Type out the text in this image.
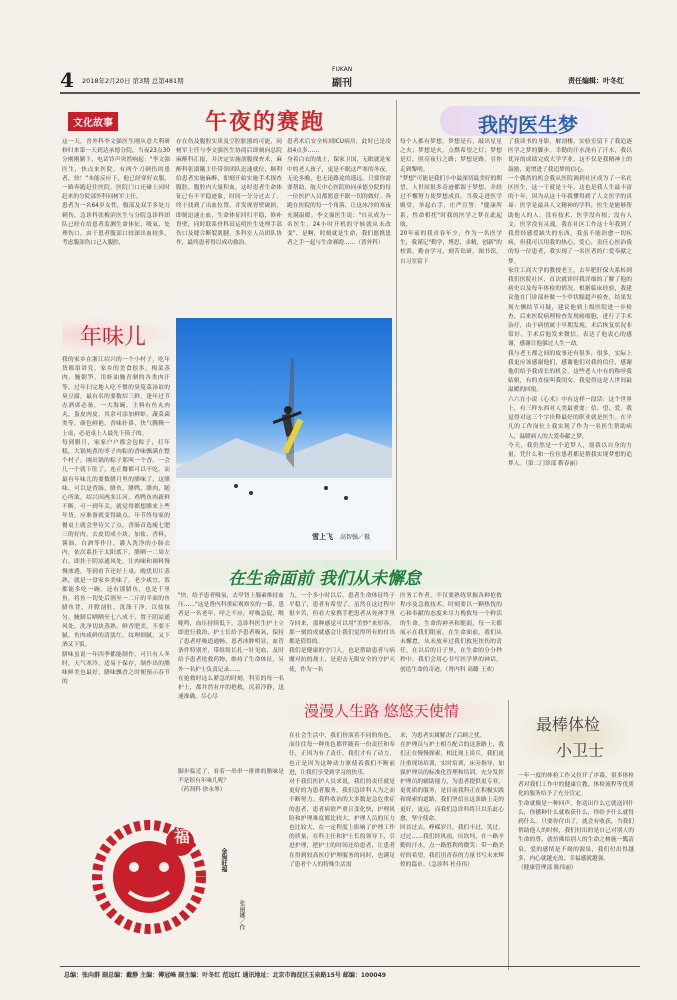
4 2018年2月20日 第3期 总第481期
FUKAN
副刊	责任编辑：叶冬红
文化故事	午夜的赛跑
这一天，晋外科李文强医生刚从意大利研修归来第一天到达承德分院。当夜23点30分刚刚躺下，电话铃声突然响起："李文强医生，快点来医院，有两个刀刺伤的患者，快！"本能反应下，他已经穿好衣服，一路奔跑赶往医院。医院门口还碰上同时赶来的分院部外科同树军主任。
患者为一名64岁女性，腹部及双手多处刀刺伤，急诊科张梅滨医生与分院急诊科团队已经在给患者监测生命体征、吸氧、处理伤口，由于患者腹部口较深出血较多，考虑腹部伤口已入腹腔，
存在伤及腹腔实质及空腔脏器的可能，同树军主任与李文强医生协商后即刻向总院麻醉科汇报，并决定实施剖腹探查术，麻醉科张淑娥主任带领团队迅速就位，顺利给患者实施麻醉，即刻开始实施手术探查腹腔。腹腔内大量积血，这时患者生命体征已有不平稳迹象，时间一分分过去了，终于找到了出血位置，并发现胃壁破损，即刻迅速止血，生命体征回归平稳，修补胃壁，同时联系骨科田运明医生处理手部伤口及缝合断裂肌腱。多科室人员团队协作，最终患者得以成功救治。
患者术后安全转到ICU病房，此时已是凌晨4点多……
身着白衣的战士，保家卫国，无眠就是家中的老人孩子，更是不眠这严寒的冬夜，无论多晚，也无论路途的遥远，只要你需要帮助，航天中心医院协同承德分院的每一位医护人员都愿意不眠一切的做好。奔跑在医院的每一个角落，让这冰冷的寒夜充满温暖。李文强医生说："自从成为一名医生，24小时开机的守候就从未改变"，是啊，时刻就是生命，我们愿携患者之手一起与生命赛跑……（普外科）
我的医生梦
每个人都有梦想，梦想是石，敲出星星之火；梦想是火，点燃希望之灯；梦想是灯，照亮夜行之路；梦想是路，引你走到黎明。
"梦想"可能是我们小中最深切最美好的期望，人世间很多奇迹都源于梦想，并经过不懈努力使梦想成真。当我走进医学殿堂，举起右手，庄严宣誓："健康所系，性命相托"时我的医学之梦在此起航。
20年前的我青春年少，作为一名医学生，我谨记"勤学，博思，求精，创新"的校训，勤奋学习、刻苦钻研，图书馆，自习室留下
了我读书的身影，解剖楼，实验室留下了我追逐医学之梦的脚步。幸勤的汗水浇有了汗水，我以优异的成绩完成大学学业，这不仅是我精神上的鼓励，更增进了我追梦的信心。
一个偶然的机会我从医院调到社区成为了一名社区医生，这一干就是十年，这也是我人生最丰富的十年，因为从这十年我懂得到了人文医学的真谛：医学是最具人文精神的学科，医生是能够帮助他人的人，没有技术，医学没有根；没有人文，医学没有灵魂。我在社区工作这十年我到了我曾经感爱缺失的东西，我虽不能治愈一切疾病，但我可以用我的热心，爱心，责任心医治我的每一位患者，我实现了一名医者的仁爱奉献之梦。
家住工商大学的教授老王，去年肥肝保夫系转到我们医院社区，首次就诊时我详细的了解了他的病史以及每年体检的情况，根据临床经验，我建议他在门诊部补做一个甲状腺超声检查，结果发现左侧结节可疑，建议他到上级医院进一步检查，后来医院病理检查发现癌细胞，进行了手术治疗，由于病情属于早期发现，术后恢复状况非常好。手术后他发来微信，表达了他衷心的感谢，感谢让他躲过人生一劫。
我与老王都之间的故事还有很多，很多，实际上我更应该感谢他们，感谢他们对我的信任，感谢他们给予我成长的机会，这些老人中有的称呼我姑娘，有的直接叫我闺女，我觉得这是人世间最温暖的回报。
六六在小说《心术》中有这样一段话：这个世界上，有三样东西对人类最重要：信、望、爱。我觉得对这三个字诠释最好的职业就是医生。在平凡的工作岗位上我实现了作为一名医生帮助病人，温暖病人的大爱奉献之梦。
今天，我仍然是一个追梦人，愿我以自身的力量，凭什么和一位位患者都是帮我实现梦想的追梦人。（第二门诊部 靳春丽）
年味儿
我的家乡在浙江绍兴的一个小村子，吃年货都很讲究。家乡的美食很多，梅菜蒸肉、腌粥笋、用虾油腌青制的各类肉汗等，过年扫完地人吃不惯的臭笕菜汤谊的臭豆腐，最有名的要数绍三鲜，逢年过节办酒席必备，一大海碗，主料有鱼丸肉丸，蛋皮肉皮，其余可添加鲜虾，蔬菜菌类等，颜色鲜艳，香味扑鼻，快气腾腾一上桌，必是桌上人最先下筷子的。
每到腊月，家家户户都会包粽子，打年糕，大锅炖煮的枣子肉粽的香味飘满在整个村子，刚出锅的粽子那叫一个香，一会儿一个就下肚了，连正餐都可以不吃。而最有年味儿的要数腊月里的腊味了，这腊味，可以是香肠，腊鱼，腊鸭，腊肉，随心所欲。绍兴因两多江河，鸡鸭鱼肉新鲜不断，可一到年关，就觉得都想腊来上些年货，应准备就变得缺点，年节终每家的餐桌上就会坚待欠了点，香肠首选瘦七肥三的好肉，去皮切成小块，加盐、香料，酱油、白酒等作汁，灌入洗净的小肠衣内，依次系挂于太阳底下，腊晒一二周左右，即挂于阴凉通风处，让肉味和调料慢慢渗透，等到看节还好上桌。晚优切片蒸熟，就是一盘家乡美味了。老少咸宜，饭都能多吃一碗。还有那腊鱼，也是千里鱼，将鱼一切处后割至一二斤的半面的鱼腊鱼背，开膛剖肚，洗涤干净，以盐抹匀。腌制后晒晒至七八成干，置于阴凉通风处，洗净切块蒸熟，鲜香肥美，不要不腻，鱼肉咸鲜的清淡红，纹理细腻，又下酒又下饭。
腊味虽说一年四季都能制作，可只有人冬时，天气寒冷，适易于保存，制作出的腊味鲜美也最好，腊味飘香之时便预示春节的
脚步临近了，看着一串串一排排的腊味是不是很有年味儿呢？
（药剂科 徐永琴）
雪上飞 高智强／摄
在生命面前 我们从未懈怠
"快，给予患者吸氧，去甲肾上腺素维持血压……"这是肾内科重症观察室的一幕，患者是一名老年，呼之不应，呼吸急促，喉咙鸣，血压持续低下，急诊科医生护士立即进行救治，护士长给予患者吸氧，保持了患者呼吸道通畅，患者冰肿明显，血管条件特别差，带组组长扎一针见血，及时给予患者抢救药物，维持了生命体征，另外一名护士负责记录……
在抢救时这么紧急的时刻，科室的每一名护士，都井然有序的抢救，沉着冷静，迅速准确，尽心尽
力，一个多小时以后，患者生命体征终于平稳了，患者有希望了，虽然在这过程中很辛苦，但看大家携手把患者从死神手里夺回来，那种感觉可以用"美妙"来形容。那一刻的成就感会让我们觉得所有的付出都是值得的。
我们是健康的守门人，也是帮助患者与病魔对抗的战士，是迎击无限安全的守护天使，作为一名
医务工作者，不仅要熟练掌握各种抢救程序及急救技术，时刻要以一颗热忱的心和奉献的态度来尽力挽救每一个鲜活的生命，生命的神圣和脆弱，每一天都展示在我们眼前，在生命面前，我们从未懈怠，从未放弃过我们救死扶伤的责任，在以后的日子里，在生命的分分秒秒中，我们会用心书写医学界的神话，创造生命的奇迹。（肾内科 高璐 王欢）
漫漫人生路 悠悠天使情
在社会生活中，我们扮演着不同的角色，而往往每一种角色都伴随着一份责任和奉任，正因为有了责任，我们才有了动力，也正是因为这种动力驱使着我们不断前进，让我们享受到学习的快乐。
对于我们医护人员来说，我们的责任就是更好的为患者服务，我们急诊科人为之而不断努力。我科收治的大多数是急危重症的患者，患者病情严重且变化快，护理风险和护理难度都比较大，护理人员的压力也比较大，在一定程度上影响了护理工作的质量，在科主任和护士长的领导下，引进护理，把护士的时间还给患者，让患者在得到较高医疗护理服务的同时，也满足了患者个人的特殊生活需
求，为患者实属解决了后顾之忧。
在护理员与护士相互配合的这条路上，我们正在慢慢探索，相比现上谈兵，我们更注重现场培训，实时培训，床旁指导，加强护理员的标准化管理和培训。充分发挥护理员的辅助能力，为患者提供更专业，更优质的服务，是目前我科正在积极实践和探索的道路，我们坚信在这条路上走的更好，更远，而我们急诊科将只以乐此心愈，坚守使命。
回首过去，峥嵘岁月，我们丰过，笑过，过过……我们经风雨，历坎坷，在一路辛勤的汗水，点一路胜利的微笑：带一路美好的希望，我们用青春的力量书写未来辉煌的篇章。（急诊科 杜佳伟）
福
金狗旺福
张丽娜／作
最棒体检
小卫士
一年一度的体检工作又拉开了序幕，很多体检者对我们工作中的健康宣教、体检流程等优质化的服务给予了充分肯定。
生命就像是一种回声，你送出什么它就送回什么，你播种什么就收获什么，你给予什么就得到什么。只要你付出了，就会有收获，当我们帮助他人的时候，我们付出的是自己对别人的生命的尊，就仿佛给别人的生命之树施一瓢清泉，爱的感情是不竭的源泉，我们付出得越多，内心就越充盈、幸福感就越强。
（健康管理部 陈伟丽）
总编：张向群 副总编：戴静 主编：傅冠峰 副主编：叶冬红 范远红 通讯地址：北京市海淀区玉泉路15号 邮编：100049
